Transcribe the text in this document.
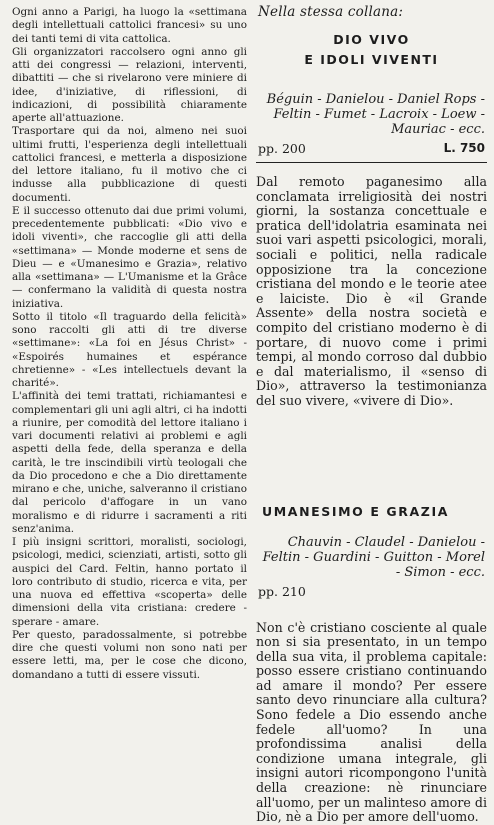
Ogni anno a Parigi, ha luogo la «settimana degli intellettuali cattolici francesi» su uno dei tanti temi di vita cattolica.

Gli organizzatori raccolsero ogni anno gli atti dei congressi — relazioni, interventi, dibattiti — che si rivelarono vere miniere di idee, d'iniziative, di riflessioni, di indicazioni, di possibilità chiaramente aperte all'attuazione.

Trasportare qui da noi, almeno nei suoi ultimi frutti, l'esperienza degli intellettuali cattolici francesi, e metterla a disposizione del lettore italiano, fu il motivo che ci indusse alla pubblicazione di questi documenti.

E il successo ottenuto dai due primi volumi, precedentemente pubblicati: «Dio vivo e idoli viventi», che raccoglie gli atti della «settimana» — Monde moderne et sens de Dieu — e «Umanesimo e Grazia», relativo alla «settimana» — L'Umanisme et la Grâce — confermano la validità di questa nostra iniziativa.

Sotto il titolo «Il traguardo della felicità» sono raccolti gli atti di tre diverse «settimane»: «La foi en Jésus Christ» - «Espoirés humaines et espérance chretienne» - «Les intellectuels devant la charité».

L'affinità dei temi trattati, richiamantesi e complementari gli uni agli altri, ci ha indotti a riunire, per comodità del lettore italiano i vari documenti relativi ai problemi e agli aspetti della fede, della speranza e della carità, le tre inscindibili virtù teologali che da Dio procedono e che a Dio direttamente mirano e che, uniche, salveranno il cristiano dal pericolo d'affogare in un vano moralismo e di ridurre i sacramenti a riti senz'anima.

I più insigni scrittori, moralisti, sociologi, psicologi, medici, scienziati, artisti, sotto gli auspici del Card. Feltin, hanno portato il loro contributo di studio, ricerca e vita, per una nuova ed effettiva «scoperta» delle dimensioni della vita cristiana: credere - sperare - amare.

Per questo, paradossalmente, si potrebbe dire che questi volumi non sono nati per essere letti, ma, per le cose che dicono, domandano a tutti di essere vissuti.

Nella stessa collana:
DIO VIVO
E IDOLI VIVENTI
Béguin - Danielou - Daniel Rops - Feltin - Fumet - Lacroix - Loew - Mauriac - ecc.
pp. 200	L. 750

Dal remoto paganesimo alla conclamata irreligiosità dei nostri giorni, la sostanza concettuale e pratica dell'idolatria esaminata nei suoi vari aspetti psicologici, morali, sociali e politici, nella radicale opposizione tra la concezione cristiana del mondo e le teorie atee e laiciste. Dio è «il Grande Assente» della nostra società e compito del cristiano moderno è di portare, di nuovo come i primi tempi, al mondo corroso dal dubbio e dal materialismo, il «senso di Dio», attraverso la testimonianza del suo vivere, «vivere di Dio».

UMANESIMO E GRAZIA
Chauvin - Claudel - Danielou - Feltin - Guardini - Guitton - Morel - Simon - ecc.
pp. 210

Non c'è cristiano cosciente al quale non si sia presentato, in un tempo della sua vita, il problema capitale: posso essere cristiano continuando ad amare il mondo? Per essere santo devo rinunciare alla cultura? Sono fedele a Dio essendo anche fedele all'uomo? In una profondissima analisi della condizione umana integrale, gli insigni autori ricompongono l'unità della creazione: nè rinunciare all'uomo, per un malinteso amore di Dio, nè a Dio per amore dell'uomo.
